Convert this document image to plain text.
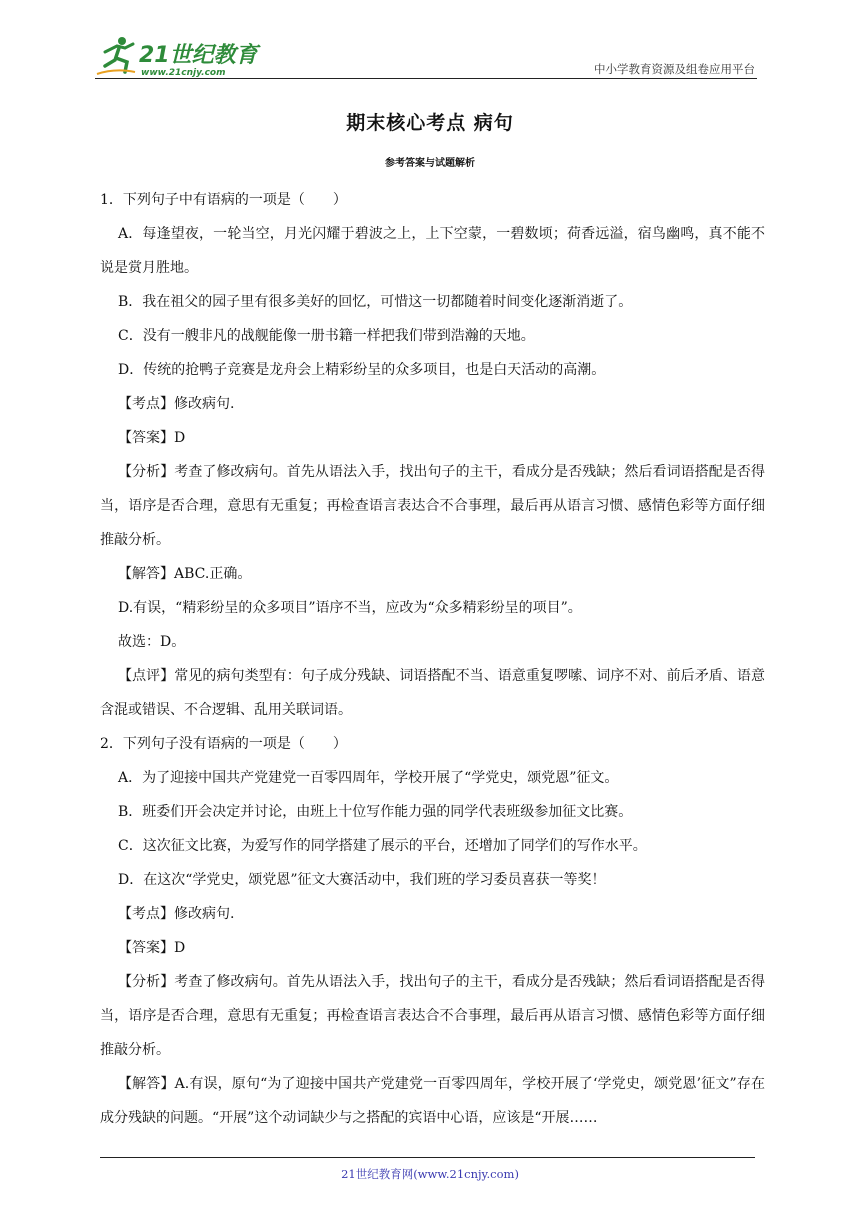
21世纪教育
www.21cnjy.com	中小学教育资源及组卷应用平台
期末核心考点 病句
参考答案与试题解析

1．下列句子中有语病的一项是（　　）

A．每逢望夜，一轮当空，月光闪耀于碧波之上，上下空蒙，一碧数顷；荷香远溢，宿鸟幽鸣，真不能不说是赏月胜地。

B．我在祖父的园子里有很多美好的回忆，可惜这一切都随着时间变化逐渐消逝了。

C．没有一艘非凡的战舰能像一册书籍一样把我们带到浩瀚的天地。

D．传统的抢鸭子竞赛是龙舟会上精彩纷呈的众多项目，也是白天活动的高潮。

【考点】修改病句.

【答案】D

【分析】考查了修改病句。首先从语法入手，找出句子的主干，看成分是否残缺；然后看词语搭配是否得当，语序是否合理，意思有无重复；再检查语言表达合不合事理，最后再从语言习惯、感情色彩等方面仔细推敲分析。

【解答】ABC.正确。

D.有误，“精彩纷呈的众多项目”语序不当，应改为“众多精彩纷呈的项目”。

故选：D。

【点评】常见的病句类型有：句子成分残缺、词语搭配不当、语意重复啰嗦、词序不对、前后矛盾、语意含混或错误、不合逻辑、乱用关联词语。

2．下列句子没有语病的一项是（　　）

A．为了迎接中国共产党建党一百零四周年，学校开展了“学党史，颂党恩”征文。

B．班委们开会决定并讨论，由班上十位写作能力强的同学代表班级参加征文比赛。

C．这次征文比赛，为爱写作的同学搭建了展示的平台，还增加了同学们的写作水平。

D．在这次“学党史，颂党恩”征文大赛活动中，我们班的学习委员喜获一等奖！

【考点】修改病句.

【答案】D

【分析】考查了修改病句。首先从语法入手，找出句子的主干，看成分是否残缺；然后看词语搭配是否得当，语序是否合理，意思有无重复；再检查语言表达合不合事理，最后再从语言习惯、感情色彩等方面仔细推敲分析。

【解答】A.有误，原句“为了迎接中国共产党建党一百零四周年，学校开展了‘学党史，颂党恩’征文”存在成分残缺的问题。“开展”这个动词缺少与之搭配的宾语中心语，应该是“开展……

21世纪教育网(www.21cnjy.com)
